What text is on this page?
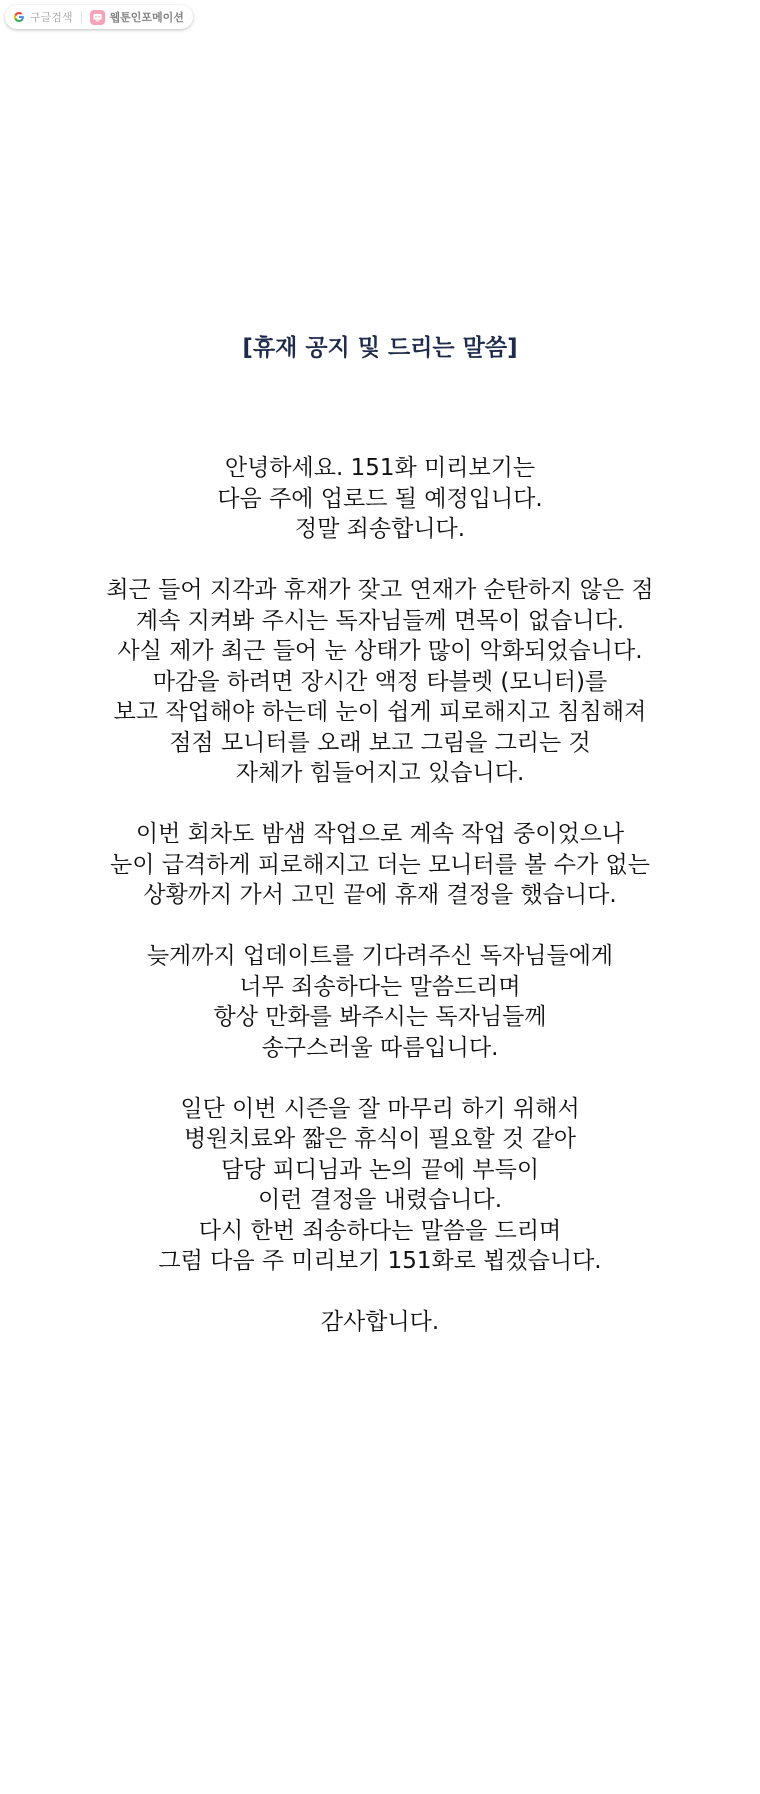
구글검색	웹툰인포메이션
[휴재 공지 및 드리는 말씀]

안녕하세요. 151화 미리보기는
다음 주에 업로드 될 예정입니다.
정말 죄송합니다.

최근 들어 지각과 휴재가 잦고 연재가 순탄하지 않은 점
계속 지켜봐 주시는 독자님들께 면목이 없습니다.
사실 제가 최근 들어 눈 상태가 많이 악화되었습니다.
마감을 하려면 장시간 액정 타블렛 (모니터)를
보고 작업해야 하는데 눈이 쉽게 피로해지고 침침해져
점점 모니터를 오래 보고 그림을 그리는 것
자체가 힘들어지고 있습니다.

이번 회차도 밤샘 작업으로 계속 작업 중이었으나
눈이 급격하게 피로해지고 더는 모니터를 볼 수가 없는
상황까지 가서 고민 끝에 휴재 결정을 했습니다.

늦게까지 업데이트를 기다려주신 독자님들에게
너무 죄송하다는 말씀드리며
항상 만화를 봐주시는 독자님들께
송구스러울 따름입니다.

일단 이번 시즌을 잘 마무리 하기 위해서
병원치료와 짧은 휴식이 필요할 것 같아
담당 피디님과 논의 끝에 부득이
이런 결정을 내렸습니다.
다시 한번 죄송하다는 말씀을 드리며
그럼 다음 주 미리보기 151화로 뵙겠습니다.

감사합니다.
